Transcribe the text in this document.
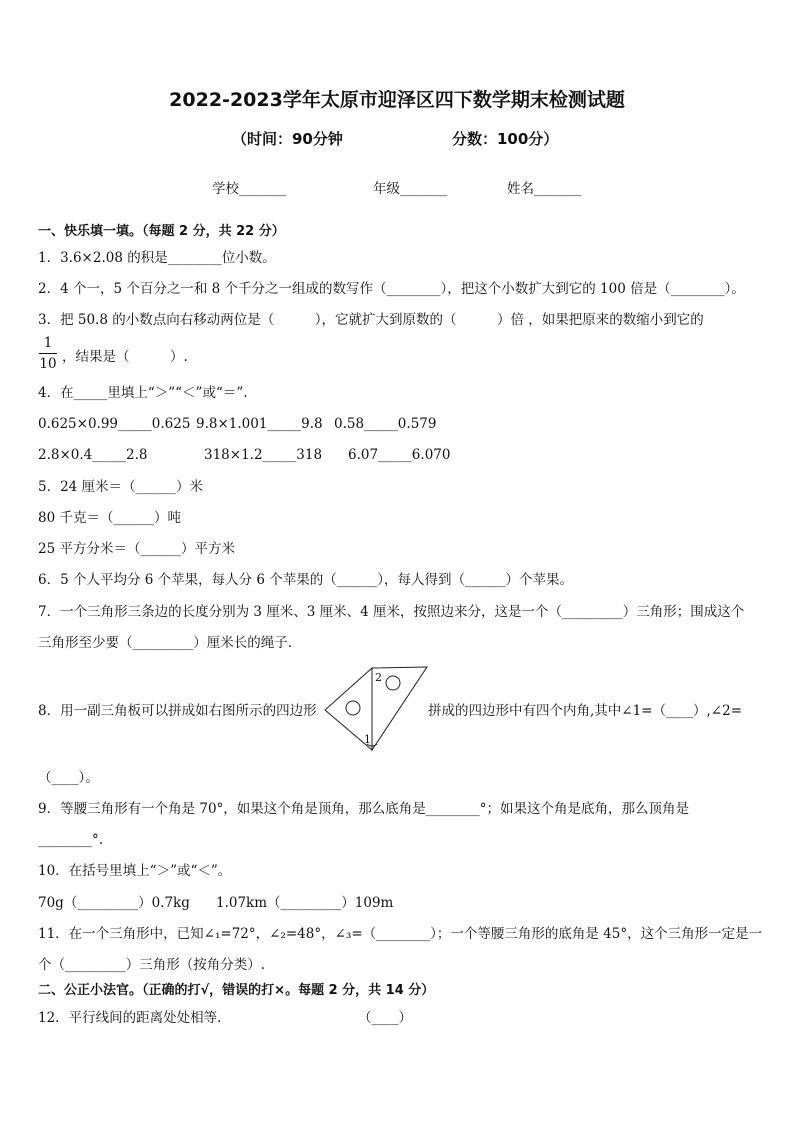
2022-2023学年太原市迎泽区四下数学期末检测试题
（时间：90分钟	分数：100分）
学校_______	年级_______	姓名_______
一、快乐填一填。（每题 2 分，共 22 分）
1．3.6×2.08 的积是________位小数。
2．4 个一，5 个百分之一和 8 个千分之一组成的数写作（________），把这个小数扩大到它的 100 倍是（________）。
3．把 50.8 的小数点向右移动两位是（　　　），它就扩大到原数的（　　　）倍 ，如果把原来的数缩小到它的
1
10 ，结果是（　　　）.
4．在_____里填上“＞”“＜”或“＝”.
0.625×0.99_____0.625 9.8×1.001_____9.8 0.58_____0.579
2.8×0.4_____2.8	318×1.2_____318 6.07_____6.070
5．24 厘米＝（______）米
80 千克＝（______）吨
25 平方分米＝（______）平方米
6．5 个人平均分 6 个苹果，每人分 6 个苹果的（______），每人得到（______）个苹果。
7．一个三角形三条边的长度分别为 3 厘米、3 厘米、4 厘米，按照边来分，这是一个（_________）三角形；围成这个
三角形至少要（_________）厘米长的绳子.
8．用一副三角板可以拼成如右图所示的四边形
2
1
拼成的四边形中有四个内角,其中∠1=（____）,∠2=
（____）。
9．等腰三角形有一个角是 70°，如果这个角是顶角，那么底角是________°；如果这个角是底角，那么顶角是
________°.
10．在括号里填上“＞”或“＜”。
70g（_________）0.7kg 1.07km（_________）109m
11．在一个三角形中，已知∠₁=72°，∠₂=48°，∠₃=（________）；一个等腰三角形的底角是 45°，这个三角形一定是一
个（_________）三角形（按角分类）.
二、公正小法官。（正确的打√，错误的打×。每题 2 分，共 14 分）
12．平行线间的距离处处相等．	（____）
